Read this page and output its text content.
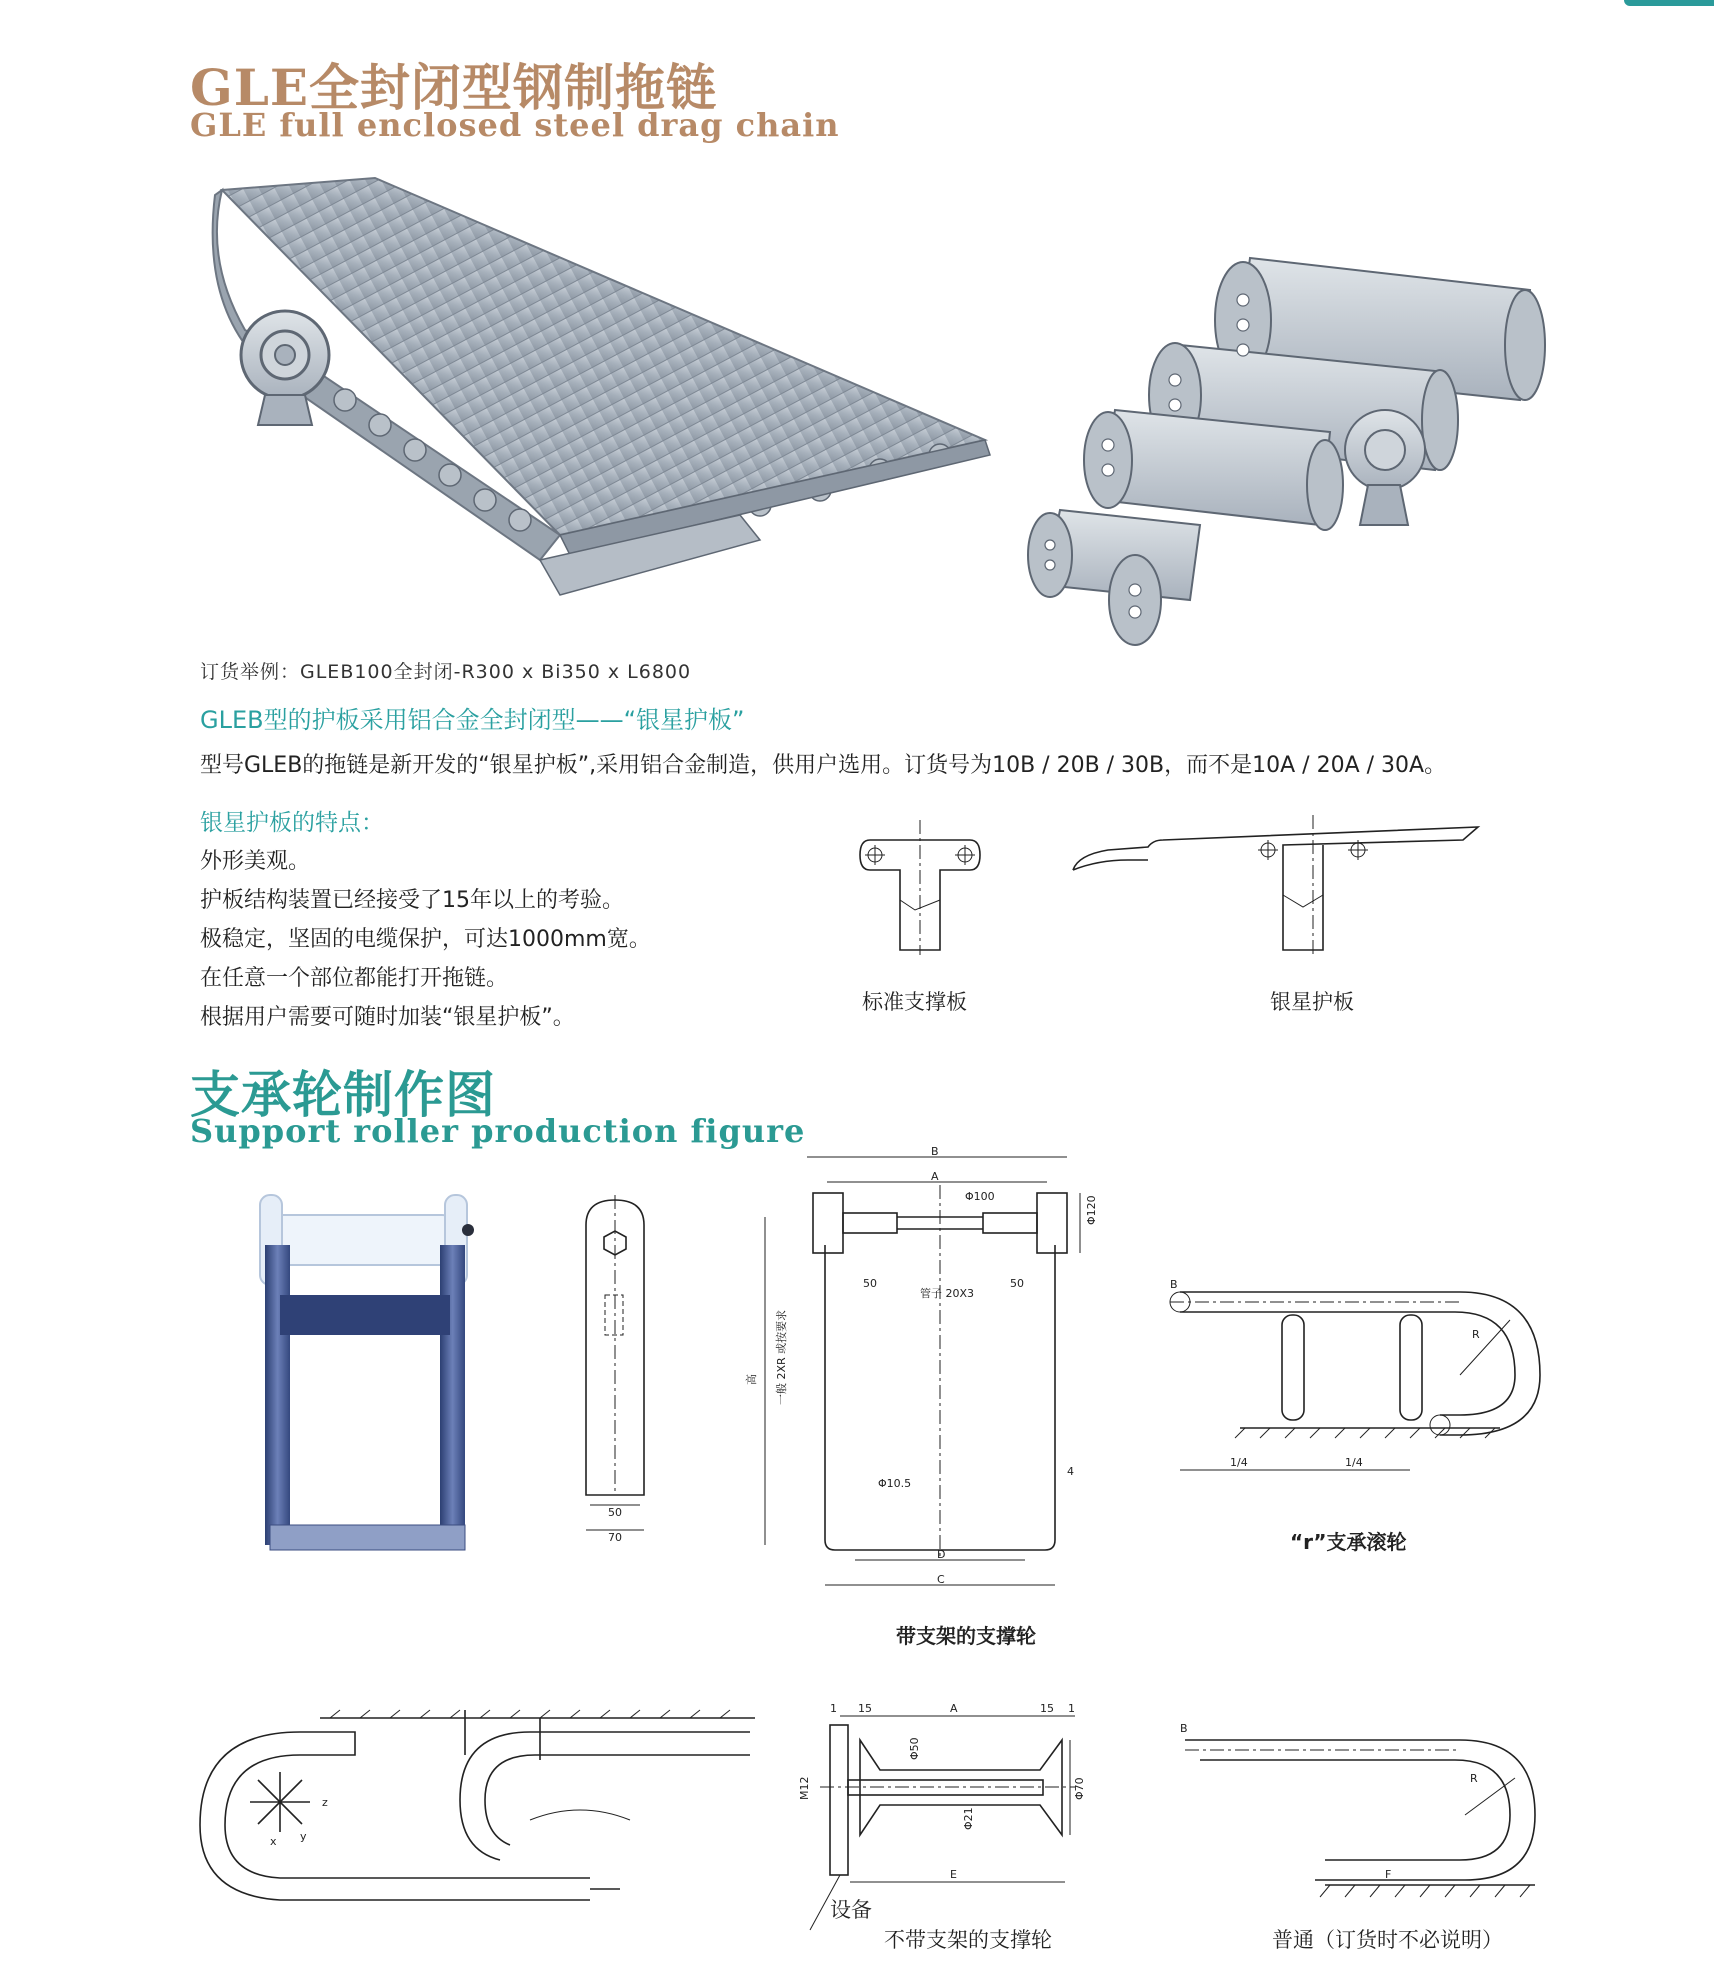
GLE全封闭型钢制拖链
GLE full enclosed steel drag chain
订货举例：GLEB100全封闭-R300 x Bi350 x L6800
GLEB型的护板采用铝合金全封闭型——“银星护板”
型号GLEB的拖链是新开发的“银星护板”,采用铝合金制造，供用户选用。订货号为10B / 20B / 30B，而不是10A / 20A / 30A。
银星护板的特点：
外形美观。
护板结构装置已经接受了15年以上的考验。
极稳定，坚固的电缆保护，可达1000mm宽。
在任意一个部位都能打开拖链。
根据用户需要可随时加装“银星护板”。
标准支撑板	银星护板
支承轮制作图
Support roller production figure
50
70
B
A
Φ100	Φ120
50	50
管子 20X3
高 一般 2XR 或按要求
Φ10.5
4
D
C
带支架的支撑轮
B
R
1/4	1/4
“r”支承滚轮
x
z
y
1 15	A	15 1
Φ50
M12	Φ70
Φ21
E
设备
不带支架的支撑轮
B
R
F
普通（订货时不必说明）
